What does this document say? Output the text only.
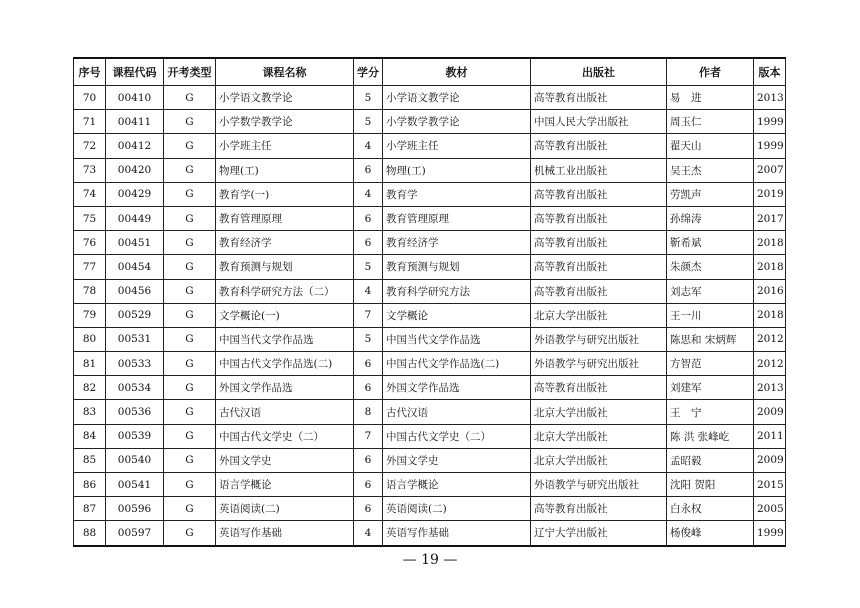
序号	课程代码	开考类型	课程名称	学分	教材	出版社	作者	版本
70	00410	G	小学语文教学论	5	小学语文教学论	高等教育出版社	易　进	2013
71	00411	G	小学数学教学论	5	小学数学教学论	中国人民大学出版社	周玉仁	1999
72	00412	G	小学班主任	4	小学班主任	高等教育出版社	翟天山	1999
73	00420	G	物理(工)	6	物理(工)	机械工业出版社	吴王杰	2007
74	00429	G	教育学(一)	4	教育学	高等教育出版社	劳凯声	2019
75	00449	G	教育管理原理	6	教育管理原理	高等教育出版社	孙绵涛	2017
76	00451	G	教育经济学	6	教育经济学	高等教育出版社	靳希斌	2018
77	00454	G	教育预测与规划	5	教育预测与规划	高等教育出版社	朱颜杰	2018
78	00456	G	教育科学研究方法（二）	4	教育科学研究方法	高等教育出版社	刘志军	2016
79	00529	G	文学概论(一)	7	文学概论	北京大学出版社	王一川	2018
80	00531	G	中国当代文学作品选	5	中国当代文学作品选	外语教学与研究出版社	陈思和 宋炳辉	2012
81	00533	G	中国古代文学作品选(二)	6	中国古代文学作品选(二)	外语教学与研究出版社	方智范	2012
82	00534	G	外国文学作品选	6	外国文学作品选	高等教育出版社	刘建军	2013
83	00536	G	古代汉语	8	古代汉语	北京大学出版社	王　宁	2009
84	00539	G	中国古代文学史（二）	7	中国古代文学史（二）	北京大学出版社	陈 洪 张峰屹	2011
85	00540	G	外国文学史	6	外国文学史	北京大学出版社	孟昭毅	2009
86	00541	G	语言学概论	6	语言学概论	外语教学与研究出版社	沈阳 贺阳	2015
87	00596	G	英语阅读(二)	6	英语阅读(二)	高等教育出版社	白永权	2005
88	00597	G	英语写作基础	4	英语写作基础	辽宁大学出版社	杨俊峰	1999
— 19 —
